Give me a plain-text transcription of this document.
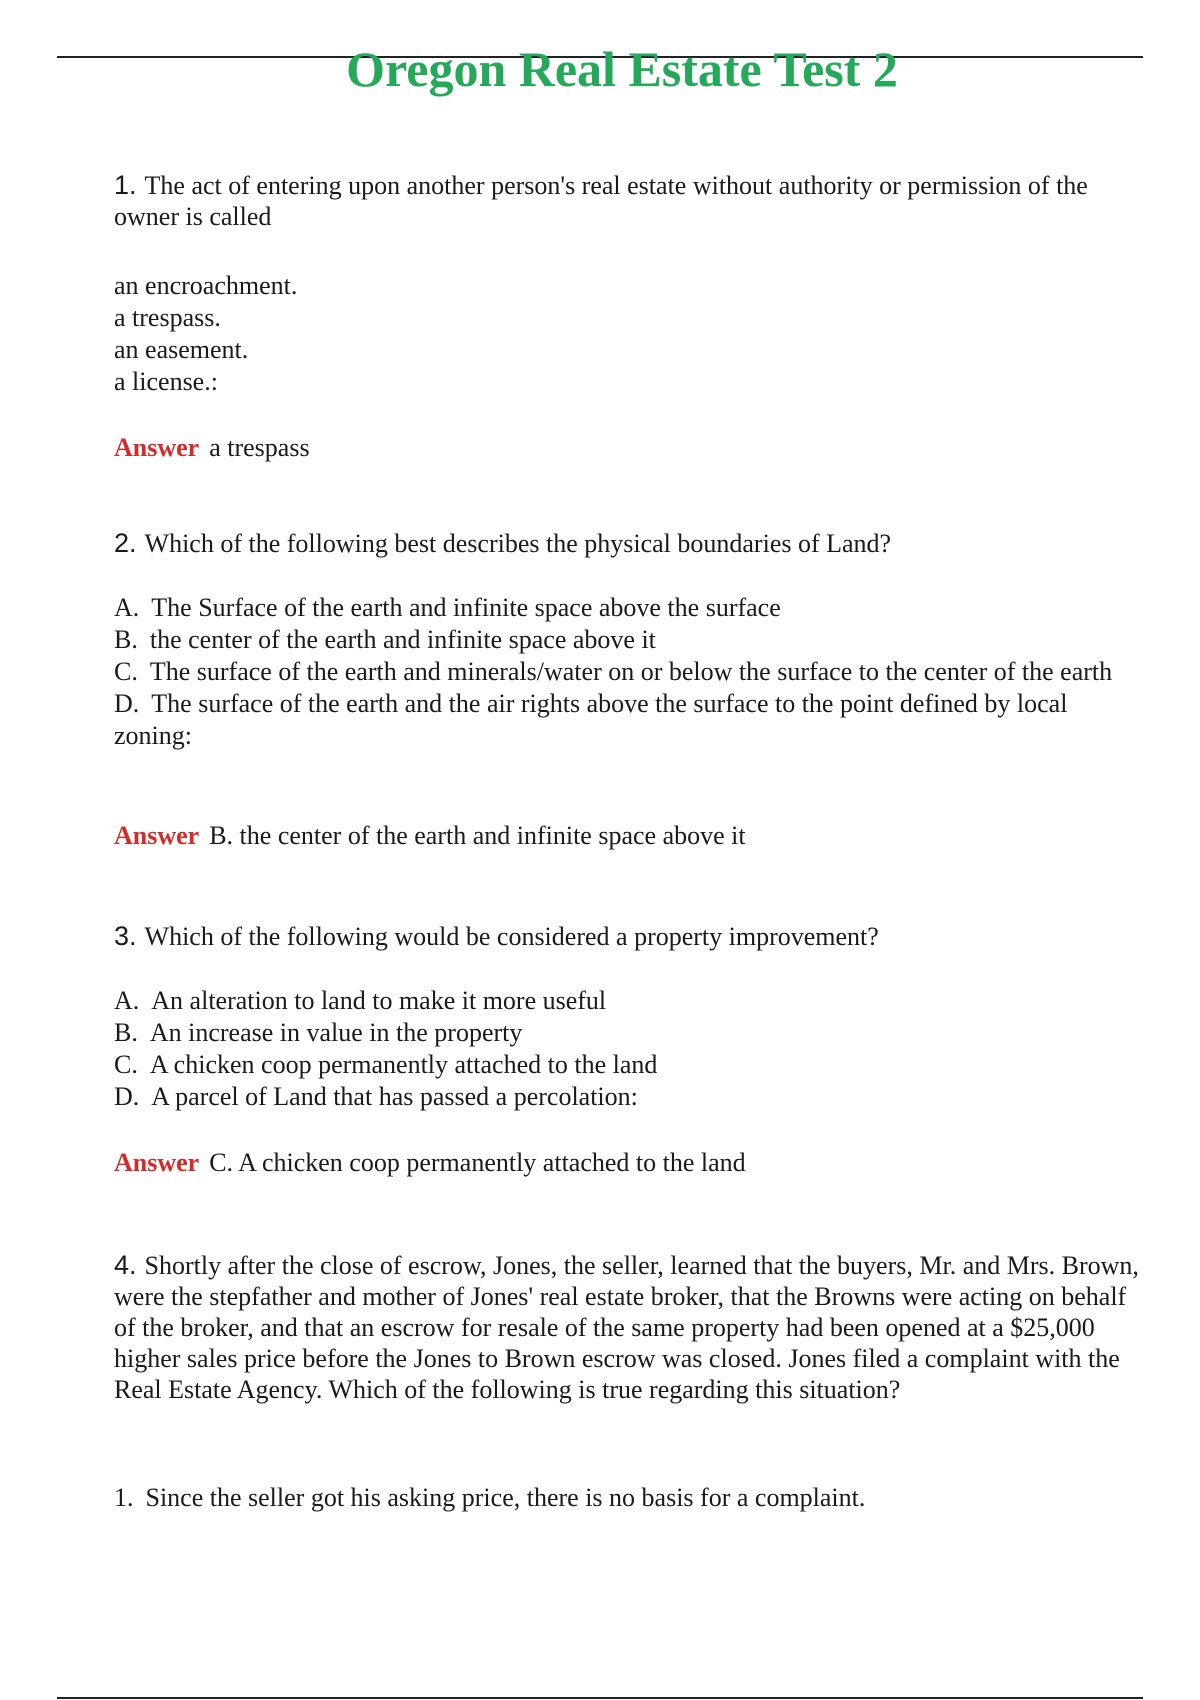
Oregon Real Estate Test 2

1. The act of entering upon another person's real estate without authority or permission of the owner is called

an encroachment.
a trespass.
an easement.
a license.:

Answer a trespass

2. Which of the following best describes the physical boundaries of Land?

A. The Surface of the earth and infinite space above the surface
B. the center of the earth and infinite space above it
C. The surface of the earth and minerals/water on or below the surface to the center of the earth
D. The surface of the earth and the air rights above the surface to the point defined by local zoning:

Answer B. the center of the earth and infinite space above it

3. Which of the following would be considered a property improvement?

A. An alteration to land to make it more useful
B. An increase in value in the property
C. A chicken coop permanently attached to the land
D. A parcel of Land that has passed a percolation:

Answer C. A chicken coop permanently attached to the land

4. Shortly after the close of escrow, Jones, the seller, learned that the buyers, Mr. and Mrs. Brown, were the stepfather and mother of Jones' real estate broker, that the Browns were acting on behalf of the broker, and that an escrow for resale of the same property had been opened at a $25,000 higher sales price before the Jones to Brown escrow was closed. Jones filed a complaint with the Real Estate Agency. Which of the following is true regarding this situation?

1. Since the seller got his asking price, there is no basis for a complaint.
